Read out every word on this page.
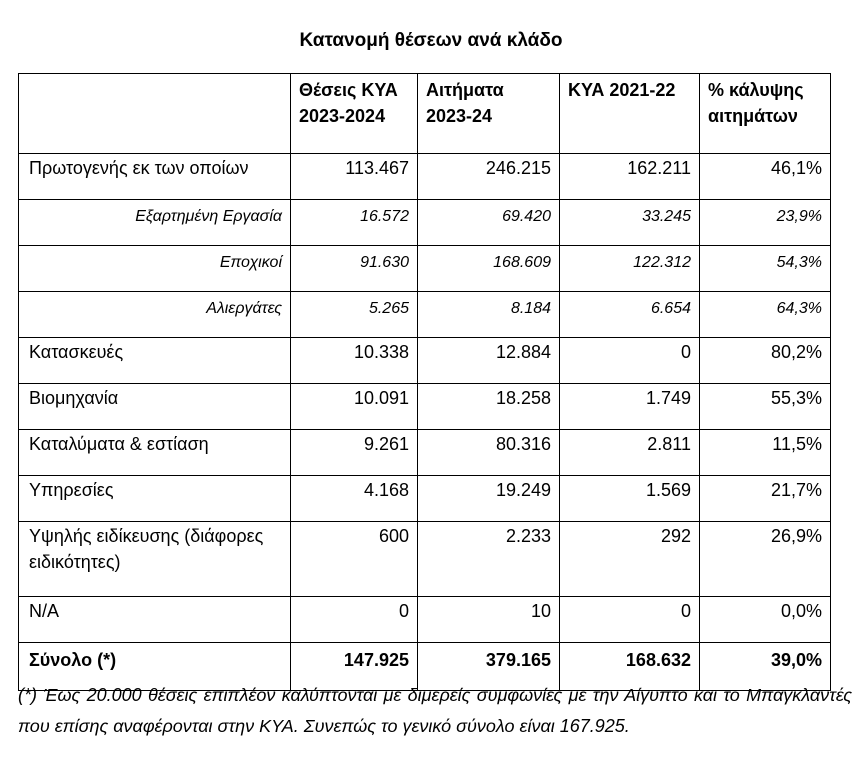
Κατανομή θέσεων ανά κλάδο
	Θέσεις ΚΥΑ 2023-2024	Αιτήματα 2023-24	ΚΥΑ 2021-22	% κάλυψης αιτημάτων
Πρωτογενής εκ των οποίων	113.467	246.215	162.211	46,1%
Εξαρτημένη Εργασία	16.572	69.420	33.245	23,9%
Εποχικοί	91.630	168.609	122.312	54,3%
Αλιεργάτες	5.265	8.184	6.654	64,3%
Κατασκευές	10.338	12.884	0	80,2%
Βιομηχανία	10.091	18.258	1.749	55,3%
Καταλύματα & εστίαση	9.261	80.316	2.811	11,5%
Υπηρεσίες	4.168	19.249	1.569	21,7%
Υψηλής ειδίκευσης (διάφορες ειδικότητες)	600	2.233	292	26,9%
N/A	0	10	0	0,0%
Σύνολο (*)	147.925	379.165	168.632	39,0%
(*) Έως 20.000 θέσεις επιπλέον καλύπτονται με διμερείς συμφωνίες με την Αίγυπτο και το Μπαγκλαντές που επίσης αναφέρονται στην ΚΥΑ. Συνεπώς το γενικό σύνολο είναι 167.925.
